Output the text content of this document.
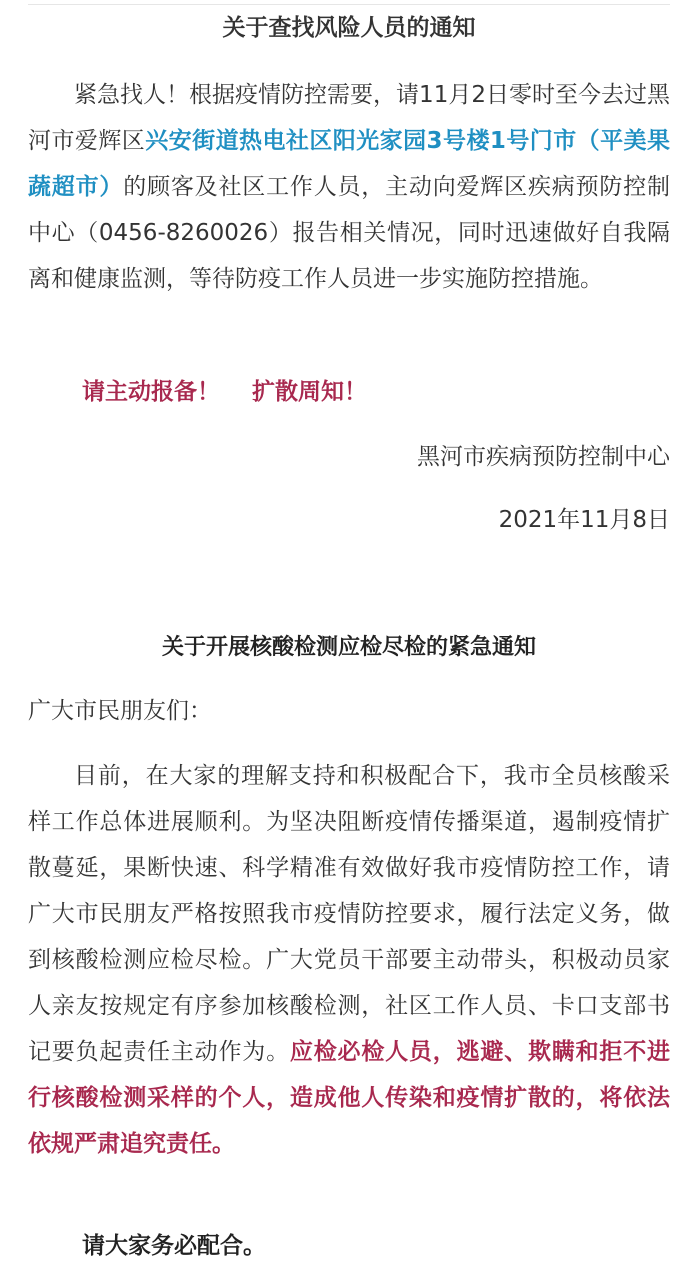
关于查找风险人员的通知
紧急找人！根据疫情防控需要，请11月2日零时至今去过黑河市爱辉区兴安街道热电社区阳光家园3号楼1号门市（平美果蔬超市）的顾客及社区工作人员，主动向爱辉区疾病预防控制中心（0456-8260026）报告相关情况，同时迅速做好自我隔离和健康监测，等待防疫工作人员进一步实施防控措施。
请主动报备！    扩散周知！
黑河市疾病预防控制中心
2021年11月8日
关于开展核酸检测应检尽检的紧急通知
广大市民朋友们：
目前，在大家的理解支持和积极配合下，我市全员核酸采样工作总体进展顺利。为坚决阻断疫情传播渠道，遏制疫情扩散蔓延，果断快速、科学精准有效做好我市疫情防控工作，请广大市民朋友严格按照我市疫情防控要求，履行法定义务，做到核酸检测应检尽检。广大党员干部要主动带头，积极动员家人亲友按规定有序参加核酸检测，社区工作人员、卡口支部书记要负起责任主动作为。应检必检人员，逃避、欺瞒和拒不进行核酸检测采样的个人，造成他人传染和疫情扩散的，将依法依规严肃追究责任。
请大家务必配合。
